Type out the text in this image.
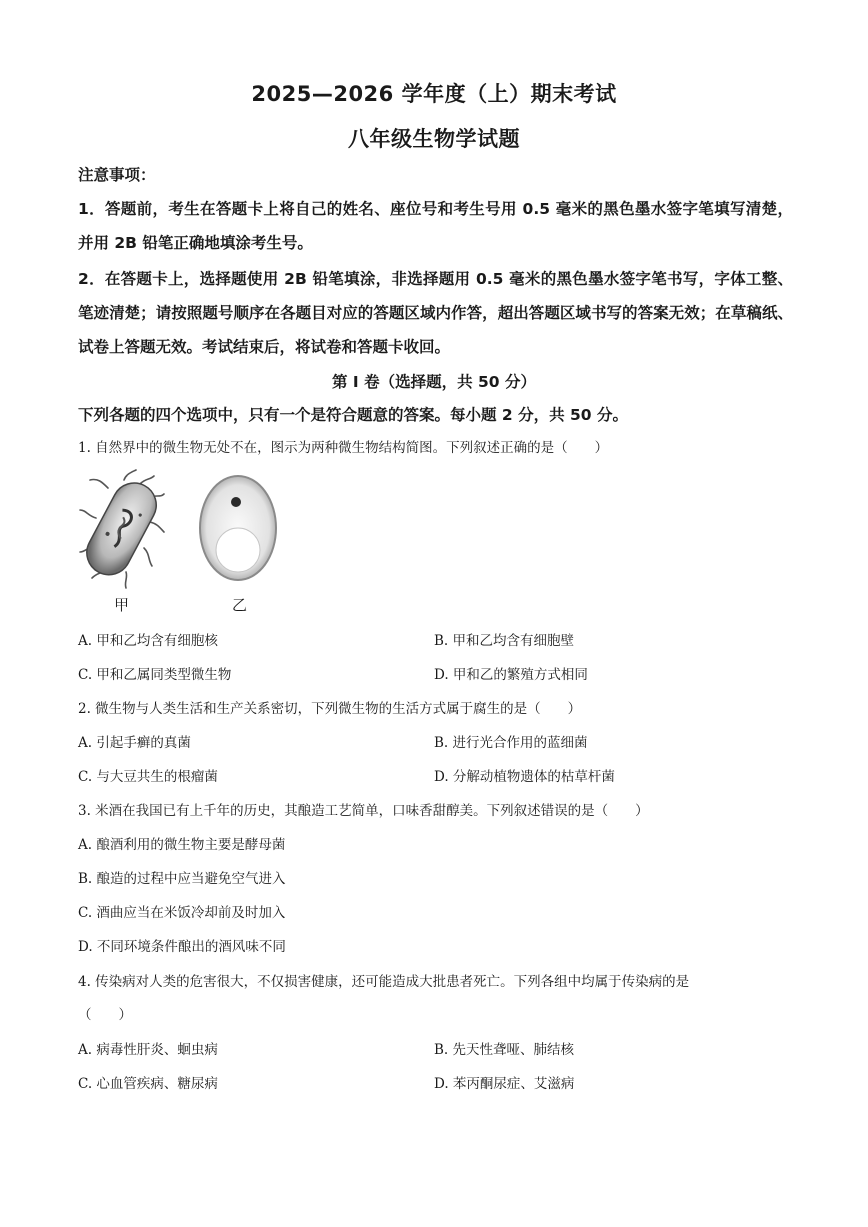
2025—2026 学年度（上）期末考试
八年级生物学试题
注意事项：
1．答题前，考生在答题卡上将自己的姓名、座位号和考生号用 0.5 毫米的黑色墨水签字笔填写清楚，并用 2B 铅笔正确地填涂考生号。
2．在答题卡上，选择题使用 2B 铅笔填涂，非选择题用 0.5 毫米的黑色墨水签字笔书写，字体工整、笔迹清楚；请按照题号顺序在各题目对应的答题区域内作答，超出答题区域书写的答案无效；在草稿纸、试卷上答题无效。考试结束后，将试卷和答题卡收回。
第 I 卷（选择题，共 50 分）
下列各题的四个选项中，只有一个是符合题意的答案。每小题 2 分，共 50 分。
1. 自然界中的微生物无处不在，图示为两种微生物结构简图。下列叙述正确的是（　　）
甲	乙
A. 甲和乙均含有细胞核	B. 甲和乙均含有细胞壁
C. 甲和乙属同类型微生物	D. 甲和乙的繁殖方式相同
2. 微生物与人类生活和生产关系密切，下列微生物的生活方式属于腐生的是（　　）
A. 引起手癣的真菌	B. 进行光合作用的蓝细菌
C. 与大豆共生的根瘤菌	D. 分解动植物遗体的枯草杆菌
3. 米酒在我国已有上千年的历史，其酿造工艺简单，口味香甜醇美。下列叙述错误的是（　　）
A. 酿酒利用的微生物主要是酵母菌
B. 酿造的过程中应当避免空气进入
C. 酒曲应当在米饭冷却前及时加入
D. 不同环境条件酿出的酒风味不同
4. 传染病对人类的危害很大，不仅损害健康，还可能造成大批患者死亡。下列各组中均属于传染病的是
（　　）
A. 病毒性肝炎、蛔虫病	B. 先天性聋哑、肺结核
C. 心血管疾病、糖尿病	D. 苯丙酮尿症、艾滋病
